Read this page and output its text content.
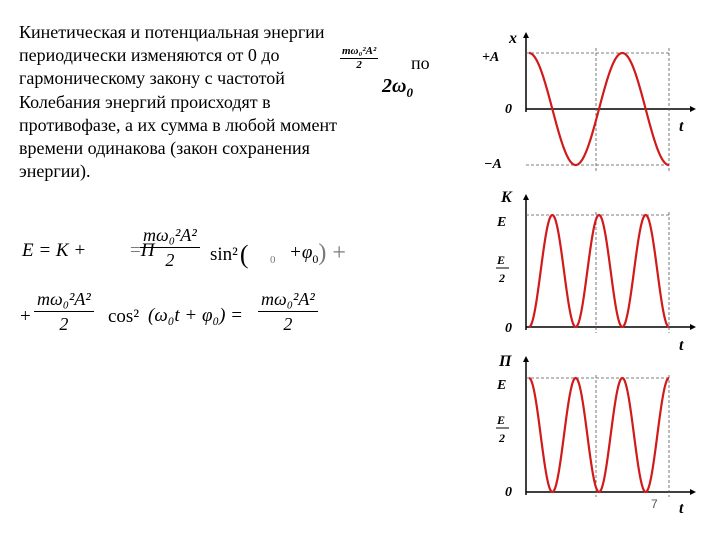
Кинетическая и потенциальная энергии
периодически изменяются от 0 до
гармоническому закону с частотой
Колебания энергий происходят в
противофазе, а их сумма в любой момент
времени одинакова (закон сохранения
энергии).
$\frac{\text{mω₀²A²}}{2}$ по
$2\omega_0$
E = K + =П
mω₀²A²
2	sin²( $0 +\varphi_0$) +
+
mω₀²A²
2	cos² (ω₀t + φ₀) =
mω₀²A²
2
x
+A
0
−A
t
K
E
E
2
0
t
П
E
E
2
0
t
7
